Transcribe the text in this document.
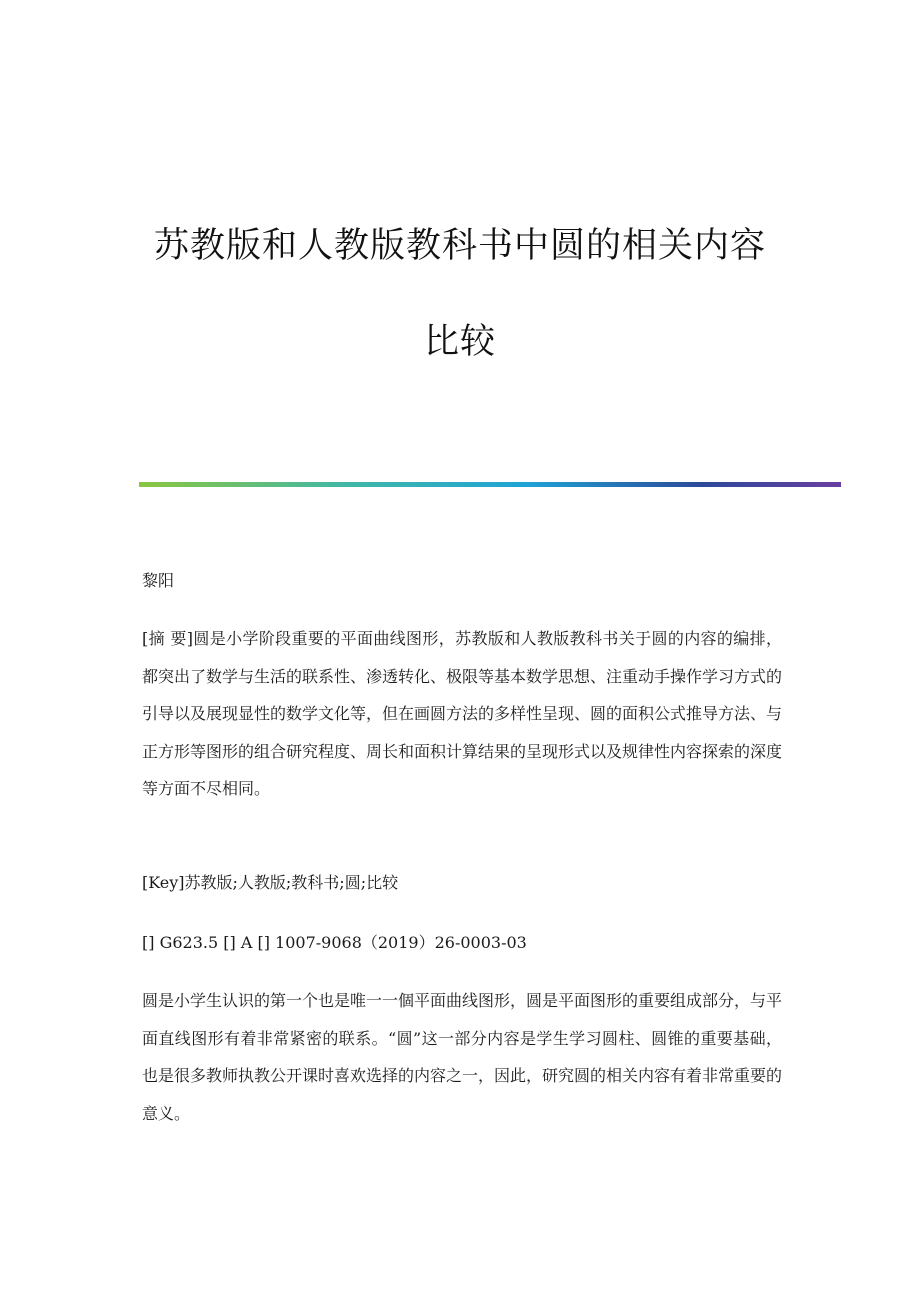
苏教版和人教版教科书中圆的相关内容
比较
黎阳
[摘 要]圆是小学阶段重要的平面曲线图形，苏教版和人教版教科书关于圆的内容的编排，都突出了数学与生活的联系性、渗透转化、极限等基本数学思想、注重动手操作学习方式的引导以及展现显性的数学文化等，但在画圆方法的多样性呈现、圆的面积公式推导方法、与正方形等图形的组合研究程度、周长和面积计算结果的呈现形式以及规律性内容探索的深度等方面不尽相同。
[Key]苏教版;人教版;教科书;圆;比较
[] G623.5 [] A [] 1007-9068（2019）26-0003-03
圆是小学生认识的第一个也是唯一一個平面曲线图形，圆是平面图形的重要组成部分，与平面直线图形有着非常紧密的联系。“圆”这一部分内容是学生学习圆柱、圆锥的重要基础，也是很多教师执教公开课时喜欢选择的内容之一，因此，研究圆的相关内容有着非常重要的意义。
